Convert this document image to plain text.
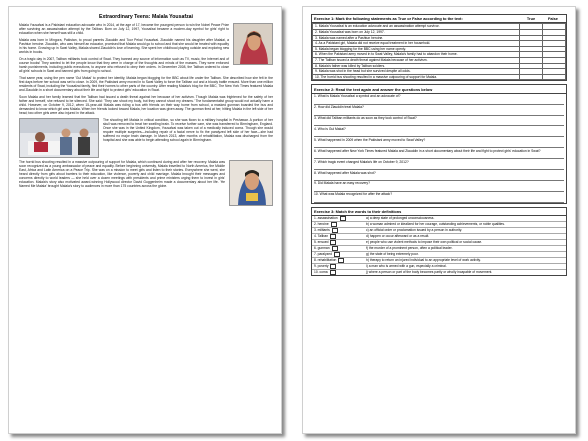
Extraordinary Teens: Malala Yousafzai

Malala Yousafzai is a Pakistani education advocate who in 2014, at the age of 17, became the youngest person to win the Nobel Peace Prize after surviving an assassination attempt by the Taliban. Born on July 12, 1997, Yousafzai became a modern-day symbol for girls' right to education when she herself was still a child.

Malala was born in Mingora, Pakistan, to proud parents Ziauddin and Toor Pekai Yousafzai. Ziauddin named his daughter after Malalai, a Pashtun heroine. Ziauddin, who was himself an educator, promised that Malala would go to school and that she would be treated with equality in his home. Growing up in Swat Valley, Malala shared Ziauddin's love of learning. She spent her childhood playing outside and exploring new worlds in books.

On a tragic day in 2007, Taliban militants took control of Swat. They banned any source of information such as TV, music, the Internet and of course books! They wanted to let the people know that they were in charge of the thoughts and minds of the masses. They were enforced harsh punishments, including public executions, to anyone who refused to obey their orders. In December 2008, the Taliban ordered to close all girls' schools in Swat and banned girls from going to school.

That same year, using the pen name 'Gul Makai' to protect her identity, Malala began blogging for the BBC about life under the Taliban. She described how she felt in the first days before her school was set to close. In 2009, the Pakistani army moved in to Swat Valley to force the Taliban out and a bloody battle ensued. More than one million residents of Swat, including the Yousafzai family, fled their homes to other parts of the country. After reading Malala's blog for the BBC, The New York Times featured Malala and Ziauddin in a short documentary about their life and fight to protect girls' education in Swat.

Soon Malala and her family learned that the Taliban had issued a death threat against her because of her activism. Though Malala was frightened for the safety of her father and herself, she refused to be silenced. She said: 'They can shoot my body, but they cannot shoot my dreams.' The fundamentalist group would not actually harm a child. However, on October 9, 2012, when 15-year-old Malala was riding a bus with friends on their way home from school, a masked gunman boarded the bus and demanded to know which girl was Malala. When her friends looked toward Malala, her location was given away. The gunman fired at her, hitting Malala in the left side of her head; two other girls were also injured in the attack.

The shooting left Malala in critical condition, so she was flown to a military hospital in Peshawar. A portion of her skull was removed to treat her swelling brain. To receive further care, she was transferred to Birmingham, England. Once she was in the United Kingdom, Yousafzai was taken out of a medically induced coma. Though she would require multiple surgeries—including repair of a facial nerve to fix the paralyzed left side of her face—she had suffered no major brain damage. In March 2013, after months of rehabilitation, Malala was discharged from the hospital and she was able to begin attending school again in Birmingham.

The horrid bus shooting resulted in a massive outpouring of support for Malala, which continued during and after her recovery. Malala was soon recognized as a young ambassador of peace and equality. Before beginning university, Malala travelled to North America, the Middle East, Africa and Latin America on a Peace Trip. She was on a mission to meet girls and listen to their stories. Everywhere she went, she heard directly from girls about barriers to their education, like violence, poverty and child marriage. Malala brought their messages and concerns directly to world leaders — she held over a dozen meetings with presidents and prime ministers urging them to invest in girls' education. Malala's story also motivated award-winning Hollywood director David Guggenheim made a documentary about her life. 'He Named Me Malala' brought Malala's story to audiences in more than 175 countries across the globe.

Exercise 1: Mark the following statements as True or False according to the text:	True	False
1. Malala Yousafzai is an education advocate and an assassination attempt survivor.		
2. Malala Yousafzai was born on July 12, 1997.		
3. Malala was named after a Pashtun heroine.		
4. As a Pakistani girl, Malala did not receive equal treatment in her household.		
5. Malala began blogging for the BBC using her name openly.		
6. When the Pakistani army moved in to Swat Valley, Malala's family had to abandon their home.		
7. The Taliban issued a death threat against Malala because of her activism.		
8. Malala's father was killed by Taliban soldiers.		
9. Malala was shot in the head but she survived despite all odds.		
10. The horrid bus shooting resulted in a massive outpouring of support for Malala.		
Exercise 2: Read the text again and answer the questions below
1. What is Malala Yousafzai a symbol and an advocate of?
2. How did Ziauddin treat Malala?
3. What did Taliban militants do as soon as they took control of Swat?
4. Who is Gul Makai?
5. What happened in 2009 when the Pakistani army moved to Swat Valley?
6. What happened after New York Times featured Malala and Ziauddin in a short documentary about their life and fight to protect girls' education in Swat?
7. Which tragic event changed Malala's life on October 9, 2012?
8. What happened after Malala was shot?
9. Did Malala have an easy recovery?
10. What was Malala recognized for after the attack?
Exercise 3: Match the words to their definitions
1. assassination	a) a deep state of prolonged unconsciousness.
2. heroine	b) a woman admired or idealized for her courage, outstanding achievements, or noble qualities.
3. militants	c) an official order or proclamation issued by a person in authority.
4. Taliban	d) happen or occur afterward or as a result.
5. ensued	e) people who use violent methods to impose their own political or social cause.
6. gunman	f) the murder of a prominent person, often a political leader.
7. paralyzed	g) the state of being extremely poor.
8. rehabilitation	h) therapy to return an injured individual to an appropriate level of work activity.
9. poverty	i) a man who is armed with a gun, especially a criminal.
10. coma	j) where a person or part of the body becomes partly or wholly incapable of movement.
